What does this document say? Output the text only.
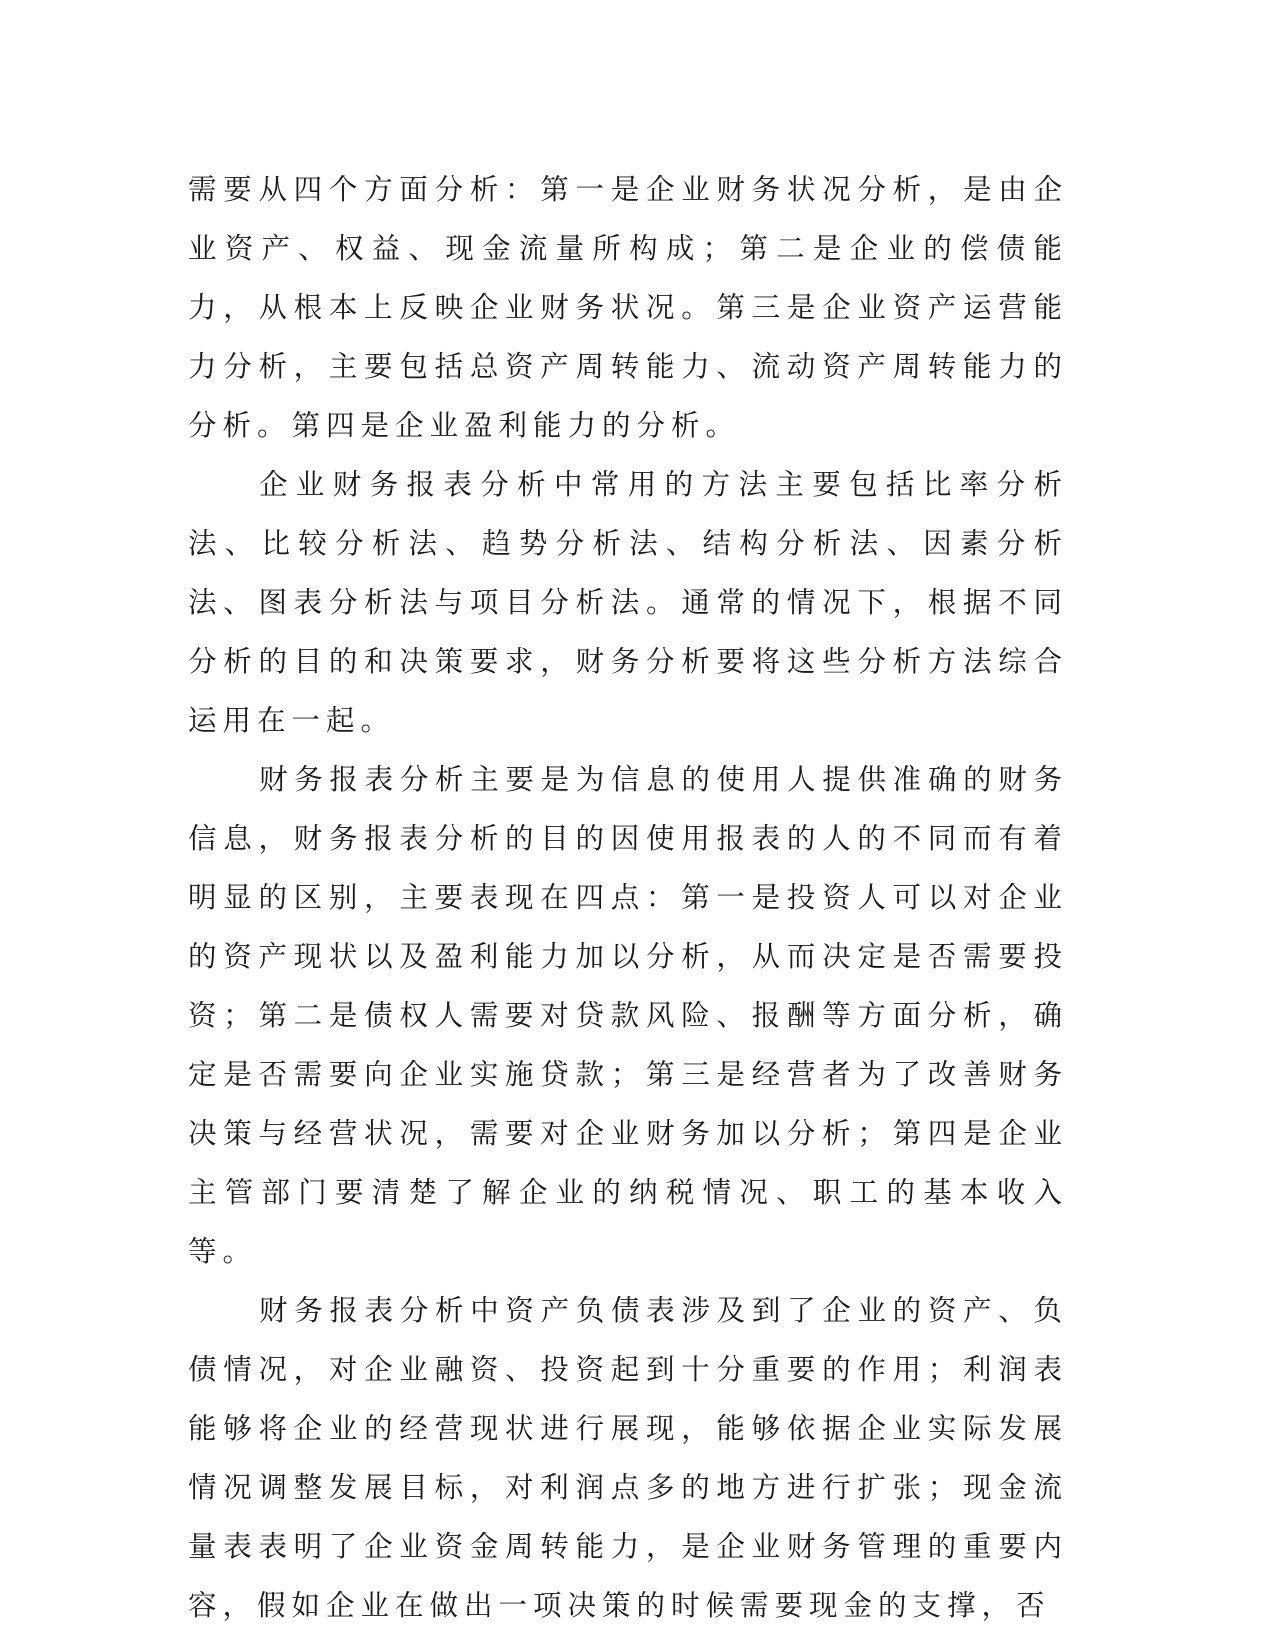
需要从四个方面分析：第一是企业财务状况分析，是由企业资产、权益、现金流量所构成；第二是企业的偿债能力，从根本上反映企业财务状况。第三是企业资产运营能力分析，主要包括总资产周转能力、流动资产周转能力的分析。第四是企业盈利能力的分析。

企业财务报表分析中常用的方法主要包括比率分析法、比较分析法、趋势分析法、结构分析法、因素分析法、图表分析法与项目分析法。通常的情况下，根据不同分析的目的和决策要求，财务分析要将这些分析方法综合运用在一起。

财务报表分析主要是为信息的使用人提供准确的财务信息，财务报表分析的目的因使用报表的人的不同而有着明显的区别，主要表现在四点：第一是投资人可以对企业的资产现状以及盈利能力加以分析，从而决定是否需要投资；第二是债权人需要对贷款风险、报酬等方面分析，确定是否需要向企业实施贷款；第三是经营者为了改善财务决策与经营状况，需要对企业财务加以分析；第四是企业主管部门要清楚了解企业的纳税情况、职工的基本收入等。

财务报表分析中资产负债表涉及到了企业的资产、负债情况，对企业融资、投资起到十分重要的作用；利润表能够将企业的经营现状进行展现，能够依据企业实际发展情况调整发展目标，对利润点多的地方进行扩张；现金流量表表明了企业资金周转能力，是企业财务管理的重要内容，假如企业在做出一项决策的时候需要现金的支撑，否
